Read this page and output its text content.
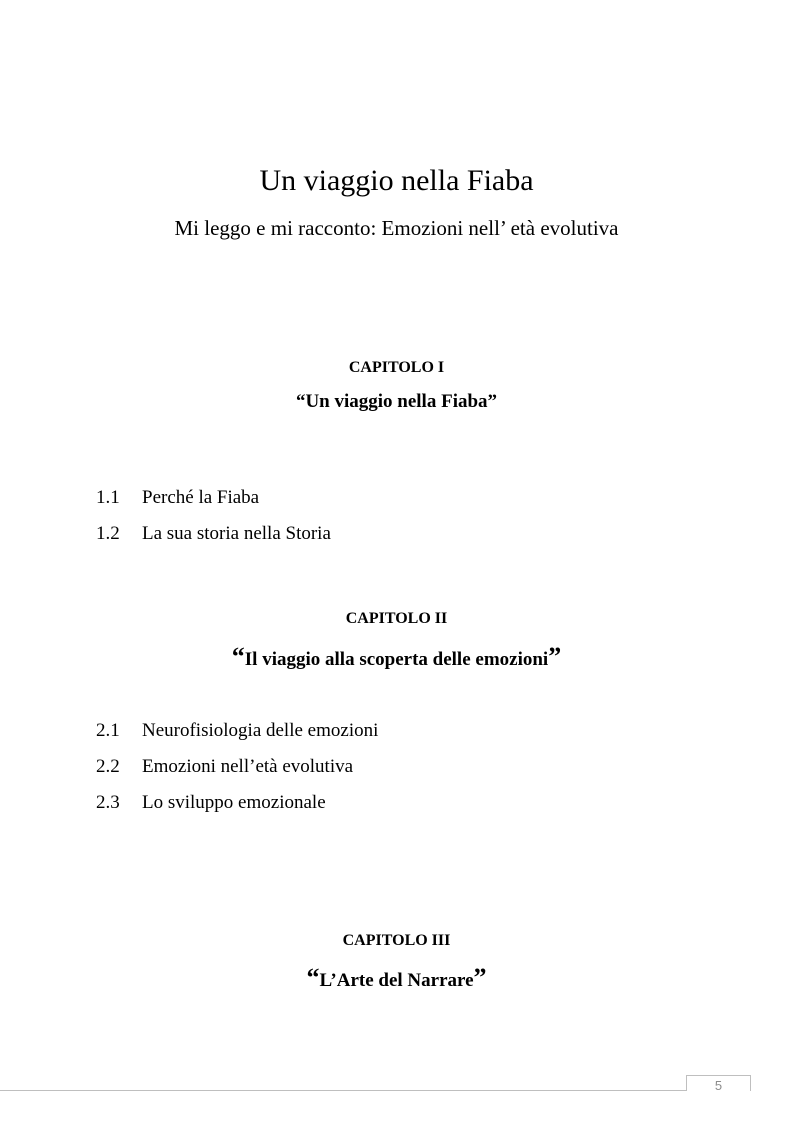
Un viaggio nella Fiaba
Mi leggo e mi racconto: Emozioni nell’ età evolutiva
CAPITOLO I
“Un viaggio nella Fiaba”
1.1 Perché la Fiaba
1.2 La sua storia nella Storia
CAPITOLO II
“Il viaggio alla scoperta delle emozioni”
2.1 Neurofisiologia delle emozioni
2.2 Emozioni nell’età evolutiva
2.3 Lo sviluppo emozionale
CAPITOLO III
“L’Arte del Narrare”
5
